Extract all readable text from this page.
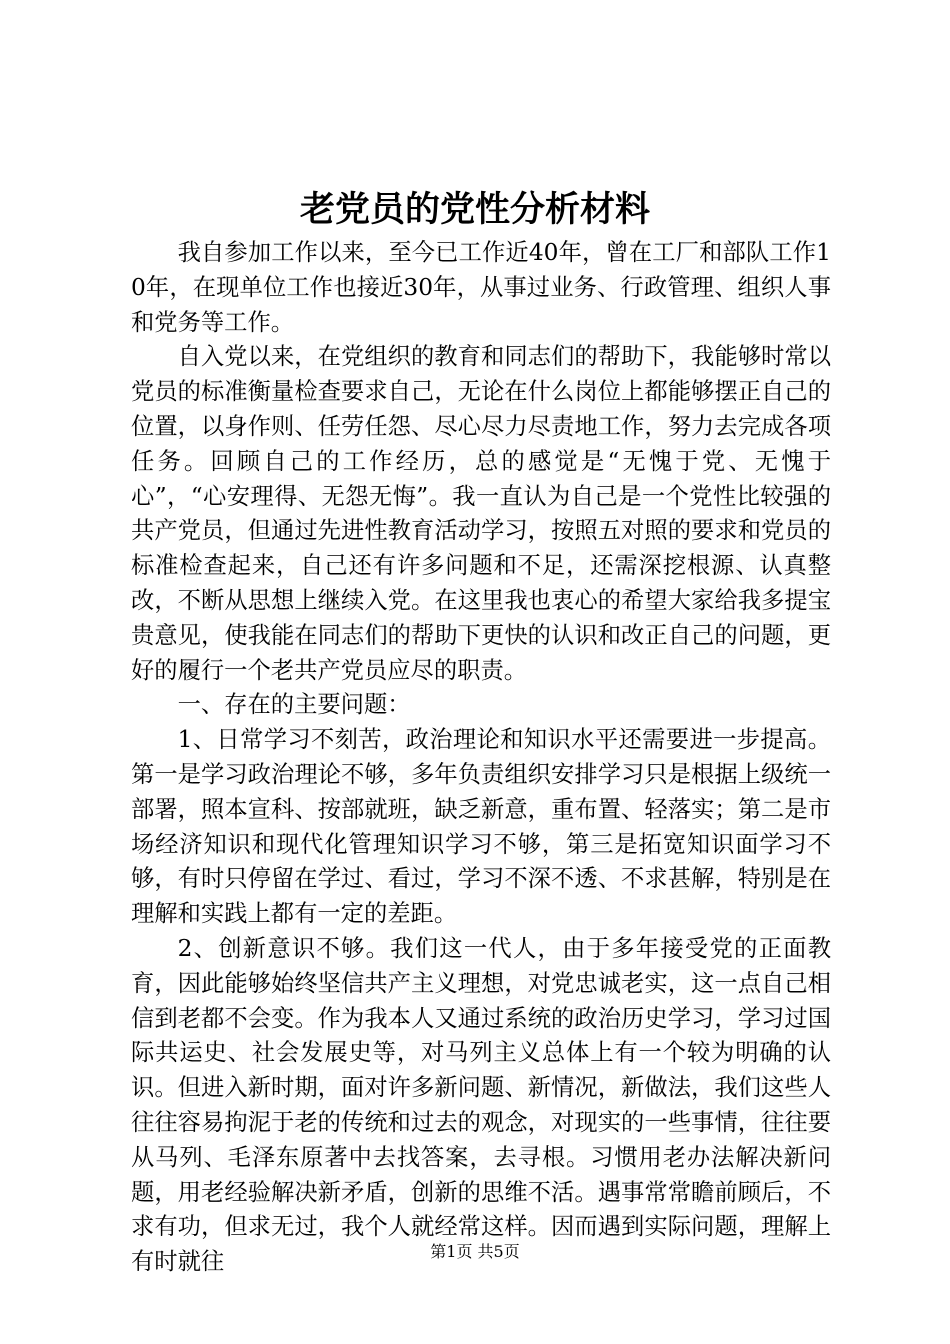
老党员的党性分析材料

我自参加工作以来，至今已工作近40年，曾在工厂和部队工作10年，在现单位工作也接近30年，从事过业务、行政管理、组织人事和党务等工作。

自入党以来，在党组织的教育和同志们的帮助下，我能够时常以党员的标准衡量检查要求自己，无论在什么岗位上都能够摆正自己的位置，以身作则、任劳任怨、尽心尽力尽责地工作，努力去完成各项任务。回顾自己的工作经历，总的感觉是“无愧于党、无愧于心”，“心安理得、无怨无悔”。我一直认为自己是一个党性比较强的共产党员，但通过先进性教育活动学习，按照五对照的要求和党员的标准检查起来，自己还有许多问题和不足，还需深挖根源、认真整改，不断从思想上继续入党。在这里我也衷心的希望大家给我多提宝贵意见，使我能在同志们的帮助下更快的认识和改正自己的问题，更好的履行一个老共产党员应尽的职责。

一、存在的主要问题：

1、日常学习不刻苦，政治理论和知识水平还需要进一步提高。第一是学习政治理论不够，多年负责组织安排学习只是根据上级统一部署，照本宣科、按部就班，缺乏新意，重布置、轻落实；第二是市场经济知识和现代化管理知识学习不够，第三是拓宽知识面学习不够，有时只停留在学过、看过，学习不深不透、不求甚解，特别是在理解和实践上都有一定的差距。

2、创新意识不够。我们这一代人，由于多年接受党的正面教育，因此能够始终坚信共产主义理想，对党忠诚老实，这一点自己相信到老都不会变。作为我本人又通过系统的政治历史学习，学习过国际共运史、社会发展史等，对马列主义总体上有一个较为明确的认识。但进入新时期，面对许多新问题、新情况，新做法，我们这些人往往容易拘泥于老的传统和过去的观念，对现实的一些事情，往往要从马列、毛泽东原著中去找答案，去寻根。习惯用老办法解决新问题，用老经验解决新矛盾，创新的思维不活。遇事常常瞻前顾后，不求有功，但求无过，我个人就经常这样。因而遇到实际问题，理解上有时就往	第1页 共5页
